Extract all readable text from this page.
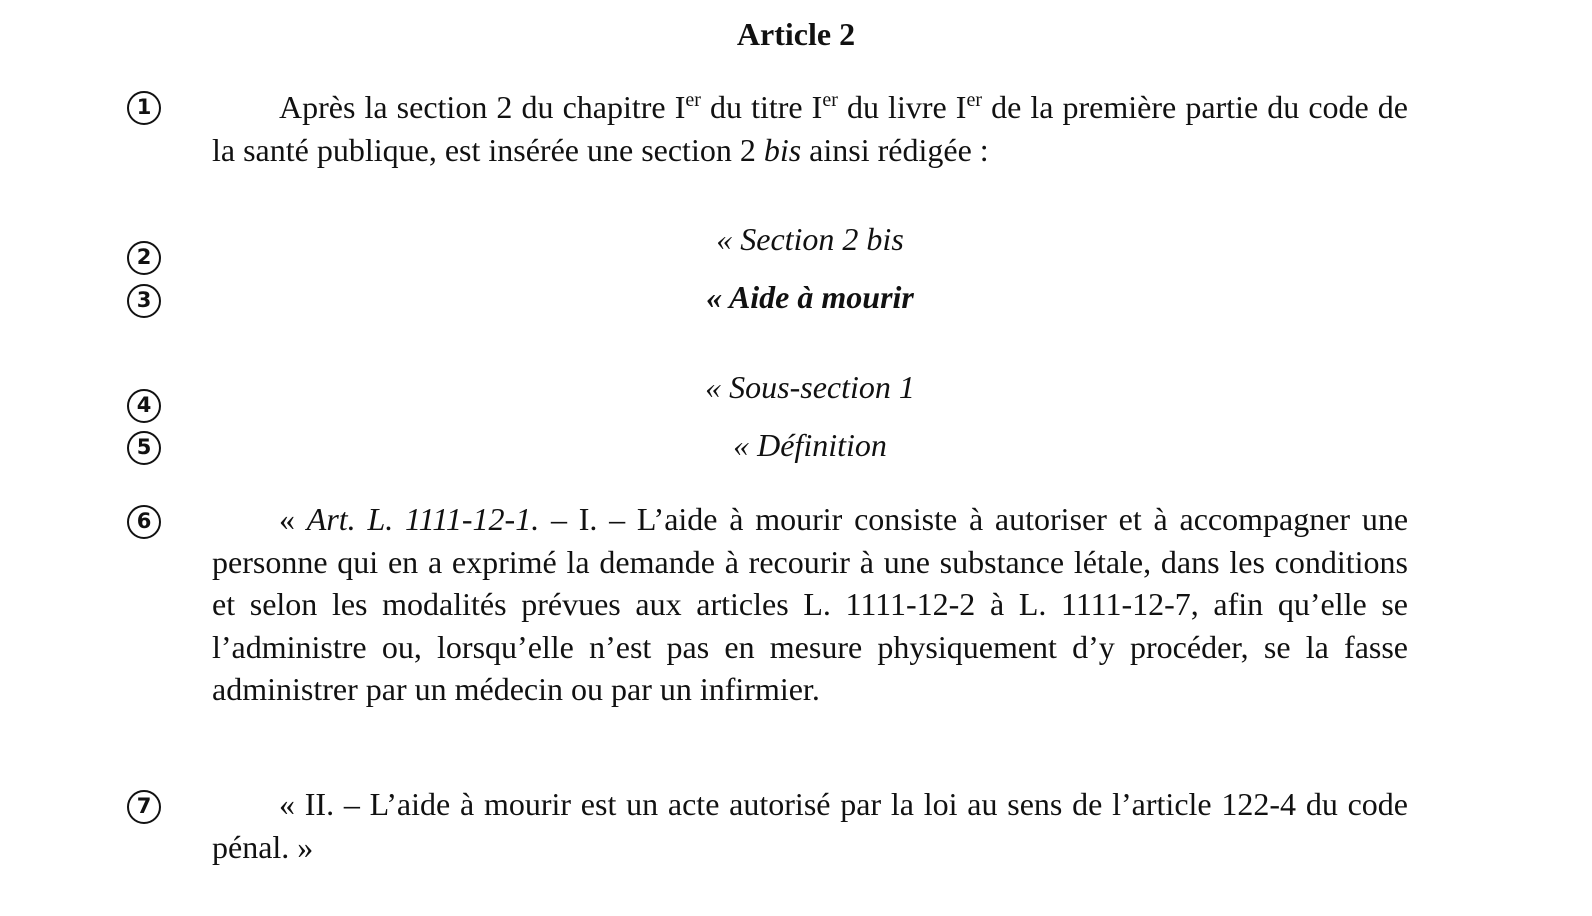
Article 2
1
2
3
4
5
6
7

Après la section 2 du chapitre Ier du titre Ier du livre Ier de la première partie du code de la santé publique, est insérée une section 2 bis ainsi rédigée :

« Section 2 bis

« Aide à mourir

« Sous-section 1

« Définition

« Art. L. 1111-12-1. – I. – L’aide à mourir consiste à autoriser et à accompagner une personne qui en a exprimé la demande à recourir à une substance létale, dans les conditions et selon les modalités prévues aux articles L. 1111-12-2 à L. 1111-12-7, afin qu’elle se l’administre ou, lorsqu’elle n’est pas en mesure physiquement d’y procéder, se la fasse administrer par un médecin ou par un infirmier.

« II. – L’aide à mourir est un acte autorisé par la loi au sens de l’article 122-4 du code pénal. »
